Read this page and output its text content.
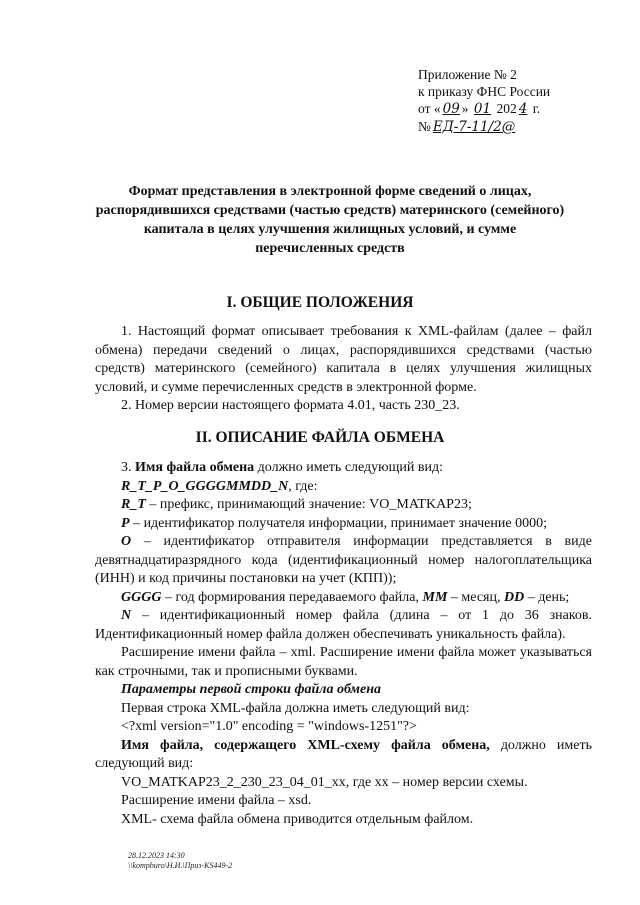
Приложение № 2
к приказу ФНС России
от « 09 » 01 202 4 г.
№ ЕД-7-11/2@
Формат представления в электронной форме сведений о лицах, распорядившихся средствами (частью средств) материнского (семейного) капитала в целях улучшения жилищных условий, и сумме перечисленных средств
I. ОБЩИЕ ПОЛОЖЕНИЯ

1. Настоящий формат описывает требования к XML-файлам (далее – файл обмена) передачи сведений о лицах, распорядившихся средствами (частью средств) материнского (семейного) капитала в целях улучшения жилищных условий, и сумме перечисленных средств в электронной форме.

2. Номер версии настоящего формата 4.01, часть 230_23.

II. ОПИСАНИЕ ФАЙЛА ОБМЕНА

3. Имя файла обмена должно иметь следующий вид:

R_T_P_O_GGGGMMDD_N, где:

R_T – префикс, принимающий значение: VO_MATKAP23;

P – идентификатор получателя информации, принимает значение 0000;

O – идентификатор отправителя информации представляется в виде девятнадцатиразрядного кода (идентификационный номер налогоплательщика (ИНН) и код причины постановки на учет (КПП));

GGGG – год формирования передаваемого файла, MM – месяц, DD – день;

N – идентификационный номер файла (длина – от 1 до 36 знаков. Идентификационный номер файла должен обеспечивать уникальность файла).

Расширение имени файла – xml. Расширение имени файла может указываться как строчными, так и прописными буквами.

Параметры первой строки файла обмена

Первая строка XML-файла должна иметь следующий вид:

<?xml version="1.0" encoding = "windows-1251"?>

Имя файла, содержащего XML-схему файла обмена, должно иметь следующий вид:

VO_MATKAP23_2_230_23_04_01_xx, где xx – номер версии схемы.

Расширение имени файла – xsd.

XML- схема файла обмена приводится отдельным файлом.

28.12.2023 14:30
\\kompburo\Н.И.\Приз-КЅ449-2
